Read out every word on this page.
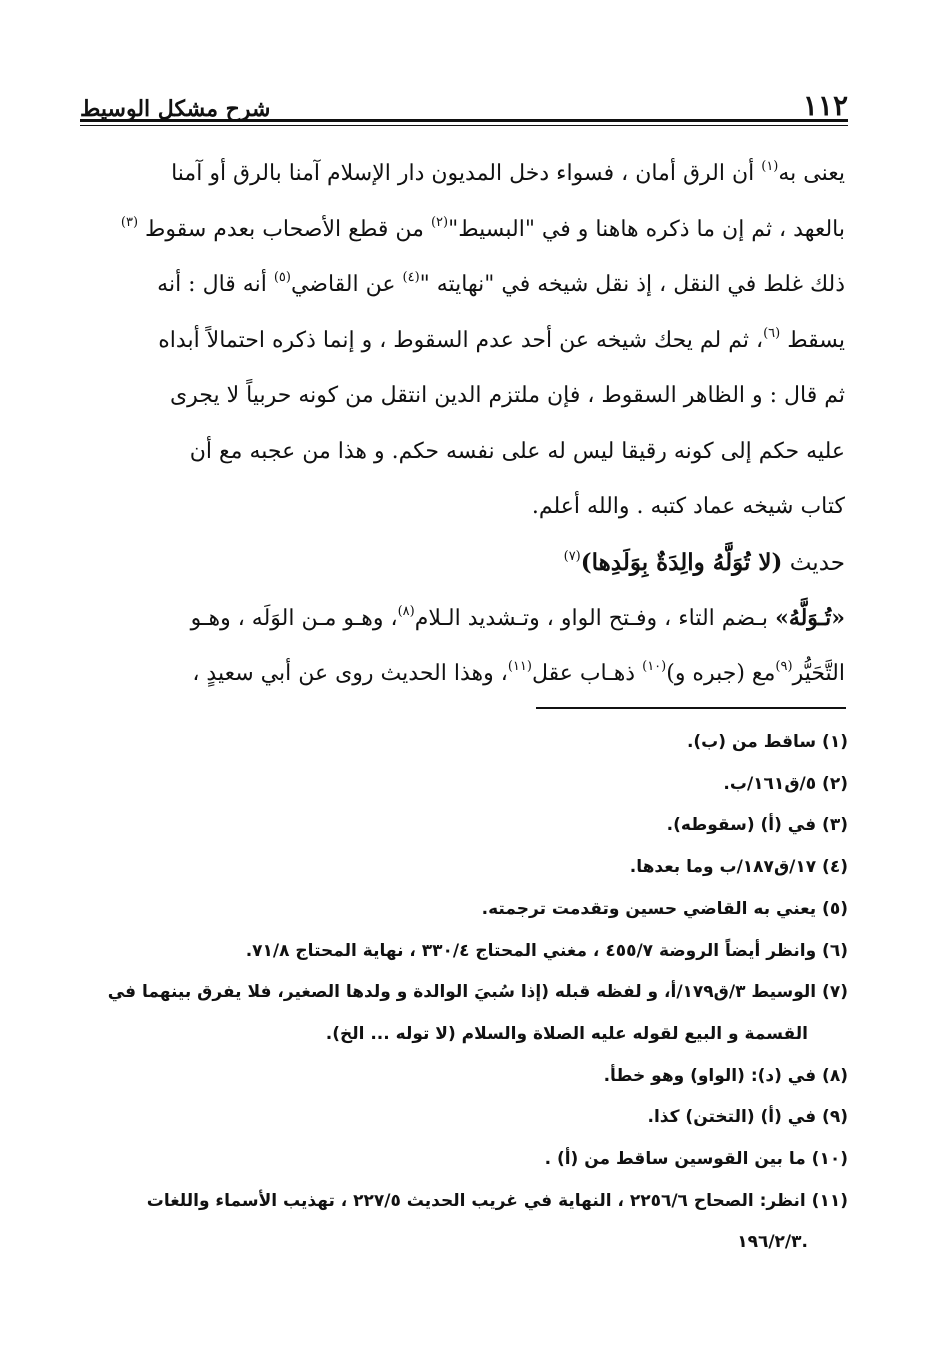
١١٢
شرح مشكل الوسيط

يعنى به$^{(١)}$ أن الرق أمان ، فسواء دخل المديون دار الإسلام آمنا بالرق أو آمنا
بالعهد ، ثم إن ما ذكره هاهنا و في "البسيط"$^{(٢)}$ من قطع الأصحاب بعدم سقوط $^{(٣)}$
ذلك غلط في النقل ، إذ نقل شيخه في "نهايته "$^{(٤)}$ عن القاضي$^{(٥)}$ أنه قال : أنه
يسقط $^{(٦)}$، ثم لم يحك شيخه عن أحد عدم السقوط ، و إنما ذكره احتمالاً أبداه
ثم قال : و الظاهر السقوط ، فإن ملتزم الدين انتقل من كونه حربياً لا يجرى
عليه حكم إلى كونه رقيقا ليس له على نفسه حكم. و هذا من عجبه مع أن
كتاب شيخه عماد كتبه . والله أعلم.

حديث (لا تُوَلَّهُ والِدَةٌ بِوَلَدِها)$^{(٧)}$

«تُـوَلَّهُ» بـضم التاء ، وفـتح الواو ، وتـشديد الـلام$^{(٨)}$، وهـو مـن الوَلَه ، وهـو
التَّحَيُّر$^{(٩)}$مع (جبره و)$^{(١٠)}$ ذهـاب عقل$^{(١١)}$، وهذا الحديث روى عن أبي سعيدٍ ،

(١) ساقط من (ب).
(٢) ٥/ق١٦١/ب.
(٣) في (أ) (سقوطه).
(٤) ١٧/ق١٨٧/ب وما بعدها.
(٥) يعني به القاضي حسين وتقدمت ترجمته.
(٦) وانظر أيضاً الروضة ٤٥٥/٧ ، مغني المحتاج ٣٣٠/٤ ، نهاية المحتاج ٧١/٨.
(٧) الوسيط ٣/ق١٧٩/أ، و لفظه قبله (إذا سُبيَ الوالدة و ولدها الصغير، فلا يفرق بينهما في
القسمة و البيع لقوله عليه الصلاة والسلام (لا توله ... الخ).
(٨) في (د): (الواو) وهو خطأ.
(٩) في (أ) (التختن) كذا.
(١٠) ما بين القوسين ساقط من (أ) .
(١١) انظر: الصحاح ٢٢٥٦/٦ ، النهاية في غريب الحديث ٢٢٧/٥ ، تهذيب الأسماء واللغات
.١٩٦/٢/٣
